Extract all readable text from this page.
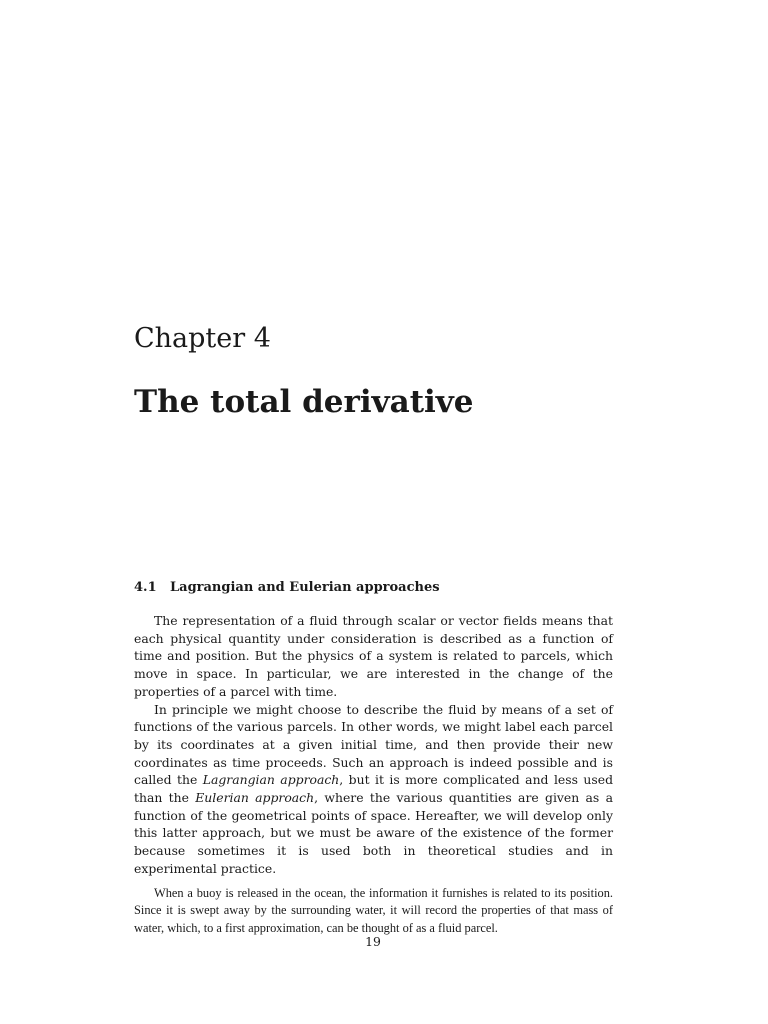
Chapter 4
The total derivative
4.1 Lagrangian and Eulerian approaches

The representation of a fluid through scalar or vector fields means that each physical quantity under consideration is described as a function of time and position. But the physics of a system is related to parcels, which move in space. In particular, we are interested in the change of the properties of a parcel with time.

In principle we might choose to describe the fluid by means of a set of functions of the various parcels. In other words, we might label each parcel by its coordinates at a given initial time, and then provide their new coordinates as time proceeds. Such an approach is indeed possible and is called the Lagrangian approach, but it is more complicated and less used than the Eulerian approach, where the various quantities are given as a function of the geometrical points of space. Hereafter, we will develop only this latter approach, but we must be aware of the existence of the former because sometimes it is used both in theoretical studies and in experimental practice.

When a buoy is released in the ocean, the information it furnishes is related to its position. Since it is swept away by the surrounding water, it will record the properties of that mass of water, which, to a first approximation, can be thought of as a fluid parcel.

19
